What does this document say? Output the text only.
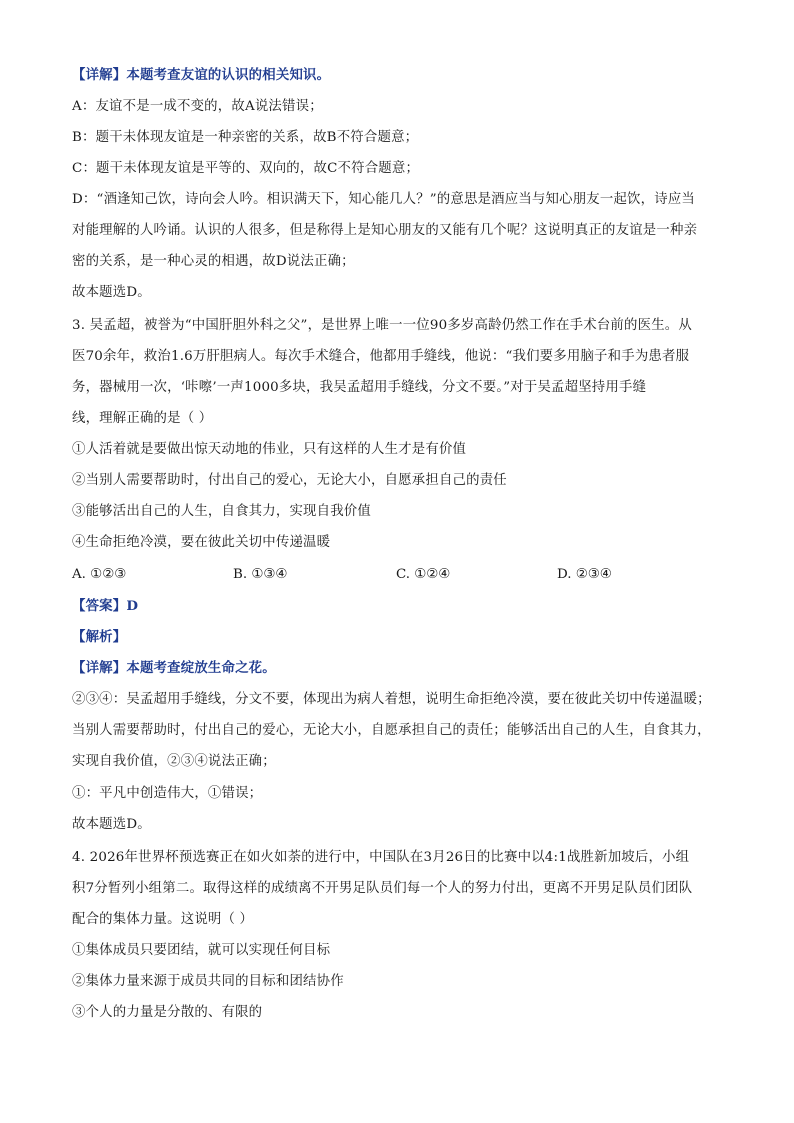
【详解】本题考查友谊的认识的相关知识。
A：友谊不是一成不变的，故A说法错误；
B：题干未体现友谊是一种亲密的关系，故B不符合题意；
C：题干未体现友谊是平等的、双向的，故C不符合题意；
D：“酒逢知己饮，诗向会人吟。相识满天下，知心能几人？”的意思是酒应当与知心朋友一起饮，诗应当
对能理解的人吟诵。认识的人很多，但是称得上是知心朋友的又能有几个呢？这说明真正的友谊是一种亲
密的关系，是一种心灵的相遇，故D说法正确；
故本题选D。
3. 吴孟超，被誉为“中国肝胆外科之父”，是世界上唯一一位90多岁高龄仍然工作在手术台前的医生。从
医70余年，救治1.6万肝胆病人。每次手术缝合，他都用手缝线，他说：“我们要多用脑子和手为患者服
务，器械用一次，‘咔嚓’一声1000多块，我吴孟超用手缝线，分文不要。”对于吴孟超坚持用手缝
线，理解正确的是（ ）
①人活着就是要做出惊天动地的伟业，只有这样的人生才是有价值
②当别人需要帮助时，付出自己的爱心，无论大小，自愿承担自己的责任
③能够活出自己的人生，自食其力，实现自我价值
④生命拒绝冷漠，要在彼此关切中传递温暖
A. ①②③	B. ①③④	C. ①②④	D. ②③④
【答案】D
【解析】
【详解】本题考查绽放生命之花。
②③④：吴孟超用手缝线，分文不要，体现出为病人着想，说明生命拒绝冷漠，要在彼此关切中传递温暖；
当别人需要帮助时，付出自己的爱心，无论大小，自愿承担自己的责任；能够活出自己的人生，自食其力，
实现自我价值，②③④说法正确；
①：平凡中创造伟大，①错误；
故本题选D。
4. 2026年世界杯预选赛正在如火如荼的进行中，中国队在3月26日的比赛中以4:1战胜新加坡后，小组
积7分暂列小组第二。取得这样的成绩离不开男足队员们每一个人的努力付出，更离不开男足队员们团队
配合的集体力量。这说明（ ）
①集体成员只要团结，就可以实现任何目标
②集体力量来源于成员共同的目标和团结协作
③个人的力量是分散的、有限的
